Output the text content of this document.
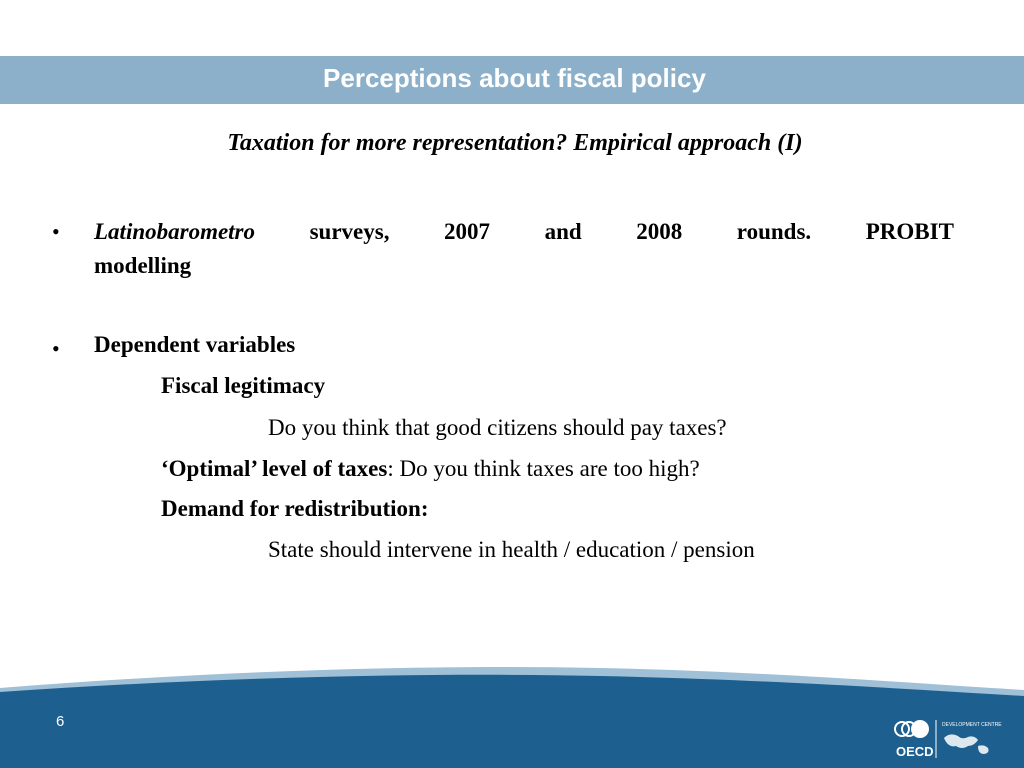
Perceptions about fiscal policy
Taxation for more representation? Empirical approach (I)
• Latinobarometro surveys, 2007 and 2008 rounds. PROBIT
modelling
• Dependent variables
Fiscal legitimacy
Do you think that good citizens should pay taxes?
‘Optimal’ level of taxes: Do you think taxes are too high?
Demand for redistribution:
State should intervene in health / education / pension
6
OECD
DEVELOPMENT CENTRE
